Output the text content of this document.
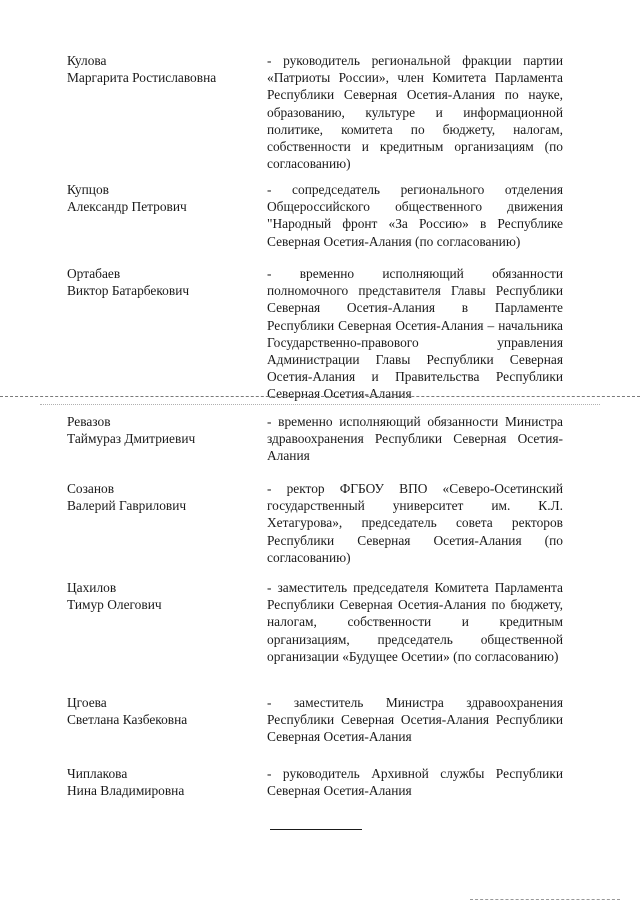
Кулова
Маргарита Ростиславовна
- руководитель региональной фракции партии «Патриоты России», член Комитета Парламента Республики Северная Осетия-Алания по науке, образованию, культуре и информационной политике, комитета по бюджету, налогам, собственности и кредитным организациям (по согласованию)
Купцов
Александр Петрович
- сопредседатель регионального отделения Общероссийского общественного движения "Народный фронт «За Россию» в Республике Северная Осетия-Алания (по согласованию)
Ортабаев
Виктор Батарбекович
- временно исполняющий обязанности полномочного представителя Главы Республики Северная Осетия-Алания в Парламенте Республики Северная Осетия-Алания – начальника Государственно-правового управления Администрации Главы Республики Северная Осетия-Алания и Правительства Республики Северная Осетия-Алания
Ревазов
Таймураз Дмитриевич
- временно исполняющий обязанности Министра здравоохранения Республики Северная Осетия-Алания
Созанов
Валерий Гаврилович
- ректор ФГБОУ ВПО «Северо-Осетинский государственный университет им. К.Л. Хетагурова», председатель совета ректоров Республики Северная Осетия-Алания (по согласованию)
Цахилов
Тимур Олегович
- заместитель председателя Комитета Парламента Республики Северная Осетия-Алания по бюджету, налогам, собственности и кредитным организациям, председатель общественной организации «Будущее Осетии» (по согласованию)
Цгоева
Светлана Казбековна
- заместитель Министра здравоохранения Республики Северная Осетия-Алания Республики Северная Осетия-Алания
Чиплакова
Нина Владимировна
- руководитель Архивной службы Республики Северная Осетия-Алания
